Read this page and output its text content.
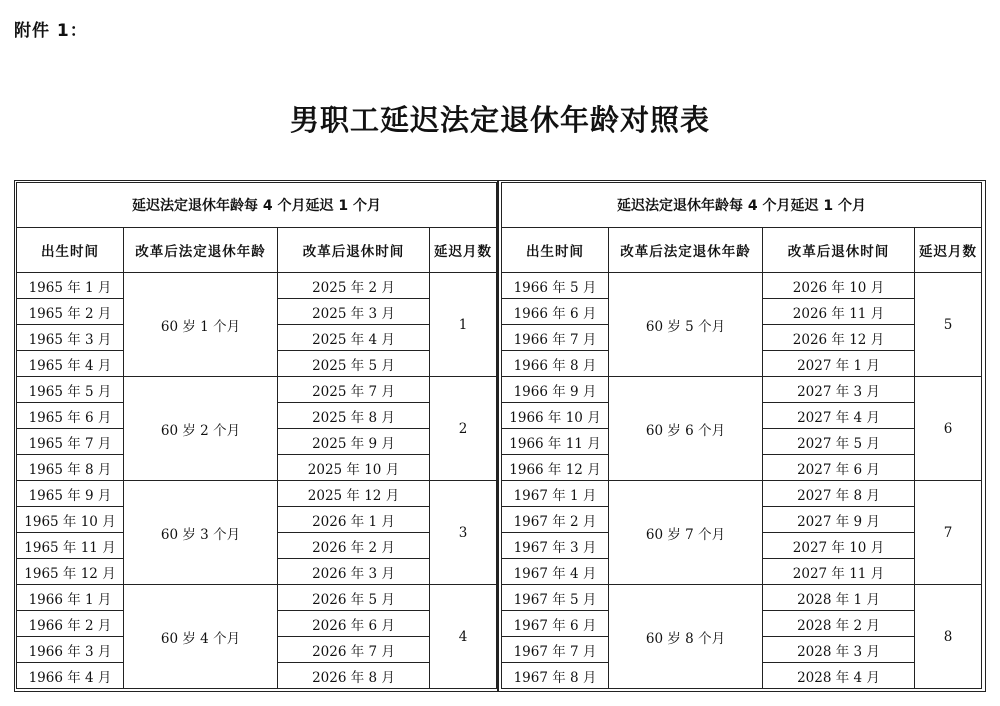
附件 1：
男职工延迟法定退休年龄对照表
延迟法定退休年龄每 4 个月延迟 1 个月			
出生时间	改革后法定退休年龄	改革后退休时间	延迟月数
1965 年 1 月	60 岁 1 个月	2025 年 2 月	1
1965 年 2 月		2025 年 3 月	
1965 年 3 月		2025 年 4 月	
1965 年 4 月		2025 年 5 月	
1965 年 5 月	60 岁 2 个月	2025 年 7 月	2
1965 年 6 月		2025 年 8 月	
1965 年 7 月		2025 年 9 月	
1965 年 8 月		2025 年 10 月	
1965 年 9 月	60 岁 3 个月	2025 年 12 月	3
1965 年 10 月		2026 年 1 月	
1965 年 11 月		2026 年 2 月	
1965 年 12 月		2026 年 3 月	
1966 年 1 月	60 岁 4 个月	2026 年 5 月	4
1966 年 2 月		2026 年 6 月	
1966 年 3 月		2026 年 7 月	
1966 年 4 月		2026 年 8 月	
延迟法定退休年龄每 4 个月延迟 1 个月			
出生时间	改革后法定退休年龄	改革后退休时间	延迟月数
1966 年 5 月	60 岁 5 个月	2026 年 10 月	5
1966 年 6 月		2026 年 11 月	
1966 年 7 月		2026 年 12 月	
1966 年 8 月		2027 年 1 月	
1966 年 9 月	60 岁 6 个月	2027 年 3 月	6
1966 年 10 月		2027 年 4 月	
1966 年 11 月		2027 年 5 月	
1966 年 12 月		2027 年 6 月	
1967 年 1 月	60 岁 7 个月	2027 年 8 月	7
1967 年 2 月		2027 年 9 月	
1967 年 3 月		2027 年 10 月	
1967 年 4 月		2027 年 11 月	
1967 年 5 月	60 岁 8 个月	2028 年 1 月	8
1967 年 6 月		2028 年 2 月	
1967 年 7 月		2028 年 3 月	
1967 年 8 月		2028 年 4 月	
